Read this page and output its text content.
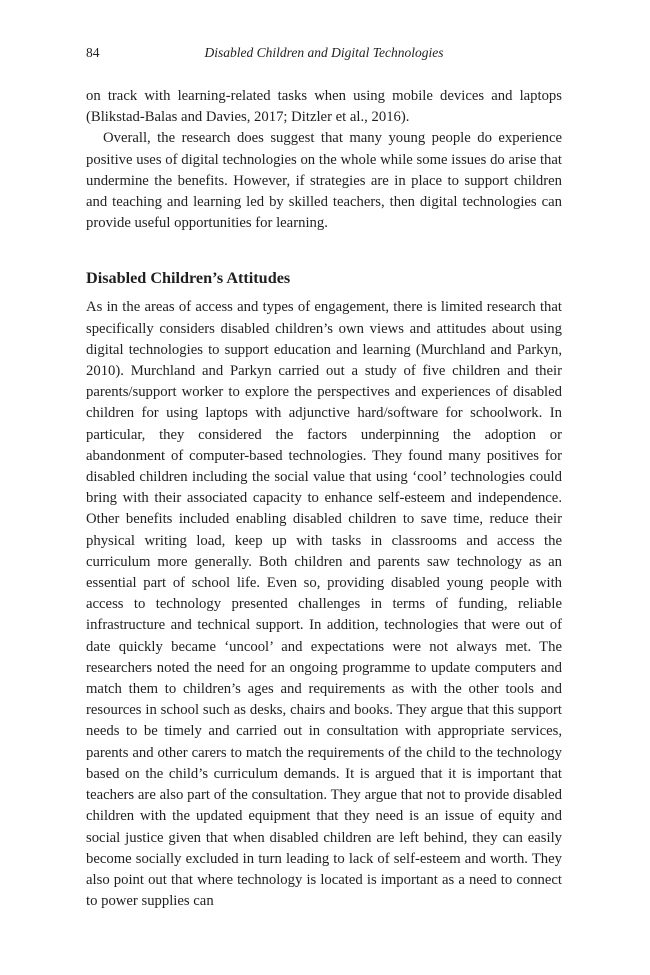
84	Disabled Children and Digital Technologies

on track with learning-related tasks when using mobile devices and laptops (Blikstad-Balas and Davies, 2017; Ditzler et al., 2016).

Overall, the research does suggest that many young people do experience positive uses of digital technologies on the whole while some issues do arise that undermine the benefits. However, if strategies are in place to support children and teaching and learning led by skilled teachers, then digital technologies can provide useful opportunities for learning.

Disabled Children’s Attitudes

As in the areas of access and types of engagement, there is limited research that specifically considers disabled children’s own views and attitudes about using digital technologies to support education and learning (Murchland and Parkyn, 2010). Murchland and Parkyn carried out a study of five children and their parents/support worker to explore the perspectives and experiences of disabled children for using laptops with adjunctive hard/software for schoolwork. In particular, they considered the factors underpinning the adoption or abandonment of computer-based technologies. They found many positives for disabled children including the social value that using ‘cool’ technologies could bring with their associated capacity to enhance self-esteem and independence. Other benefits included enabling disabled children to save time, reduce their physical writing load, keep up with tasks in classrooms and access the curriculum more generally. Both children and parents saw technology as an essential part of school life. Even so, providing disabled young people with access to technology presented challenges in terms of funding, reliable infrastructure and technical support. In addition, technologies that were out of date quickly became ‘uncool’ and expectations were not always met. The researchers noted the need for an ongoing programme to update computers and match them to children’s ages and requirements as with the other tools and resources in school such as desks, chairs and books. They argue that this support needs to be timely and carried out in consultation with appropriate services, parents and other carers to match the requirements of the child to the technology based on the child’s curriculum demands. It is argued that it is important that teachers are also part of the consultation. They argue that not to provide disabled children with the updated equipment that they need is an issue of equity and social justice given that when disabled children are left behind, they can easily become socially excluded in turn leading to lack of self-esteem and worth. They also point out that where technology is located is important as a need to connect to power supplies can
